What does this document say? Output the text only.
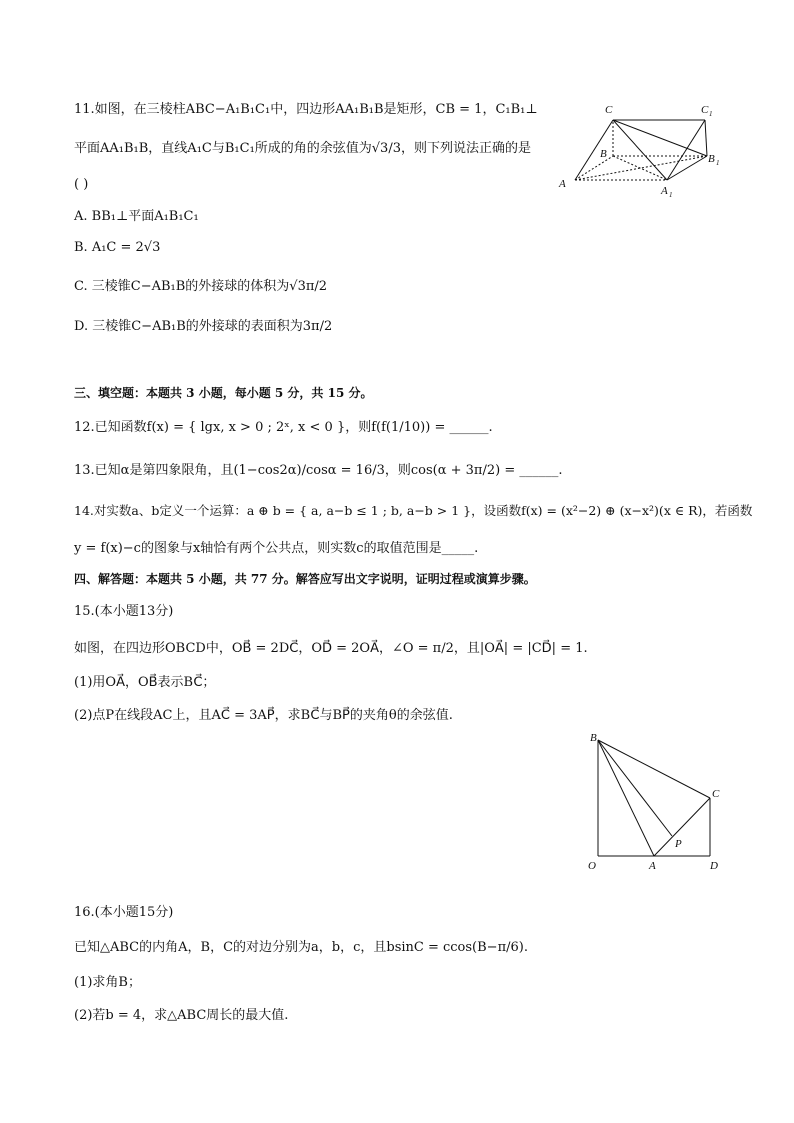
11.如图，在三棱柱ABC−A₁B₁C₁中，四边形AA₁B₁B是矩形，CB = 1，C₁B₁⊥
平面AA₁B₁B，直线A₁C与B₁C₁所成的角的余弦值为√3/3，则下列说法正确的是
( )
A. BB₁⊥平面A₁B₁C₁
B. A₁C = 2√3
C. 三棱锥C−AB₁B的外接球的体积为√3π/2
D. 三棱锥C−AB₁B的外接球的表面积为3π/2
C	C 1
B	B 1
A
A 1
三、填空题：本题共 3 小题，每小题 5 分，共 15 分。
12.已知函数f(x) = { lgx, x > 0 ; 2ˣ, x < 0 }，则f(f(1/10)) = ______.
13.已知α是第四象限角，且(1−cos2α)/cosα = 16/3，则cos(α + 3π/2) = ______.
14.对实数a、b定义一个运算：a ⊕ b = { a, a−b ≤ 1 ; b, a−b > 1 }，设函数f(x) = (x²−2) ⊕ (x−x²)(x ∈ R)，若函数
y = f(x)−c的图象与x轴恰有两个公共点，则实数c的取值范围是_____.
四、解答题：本题共 5 小题，共 77 分。解答应写出文字说明，证明过程或演算步骤。
15.(本小题13分)
如图，在四边形OBCD中，OB⃗ = 2DC⃗，OD⃗ = 2OA⃗，∠O = π/2，且|OA⃗| = |CD⃗| = 1.
(1)用OA⃗，OB⃗表示BC⃗；
(2)点P在线段AC上，且AC⃗ = 3AP⃗，求BC⃗与BP⃗的夹角θ的余弦值.
B
C
P
O	A	D
16.(本小题15分)
已知△ABC的内角A，B，C的对边分别为a，b，c，且bsinC = ccos(B−π/6).
(1)求角B；
(2)若b = 4，求△ABC周长的最大值.
